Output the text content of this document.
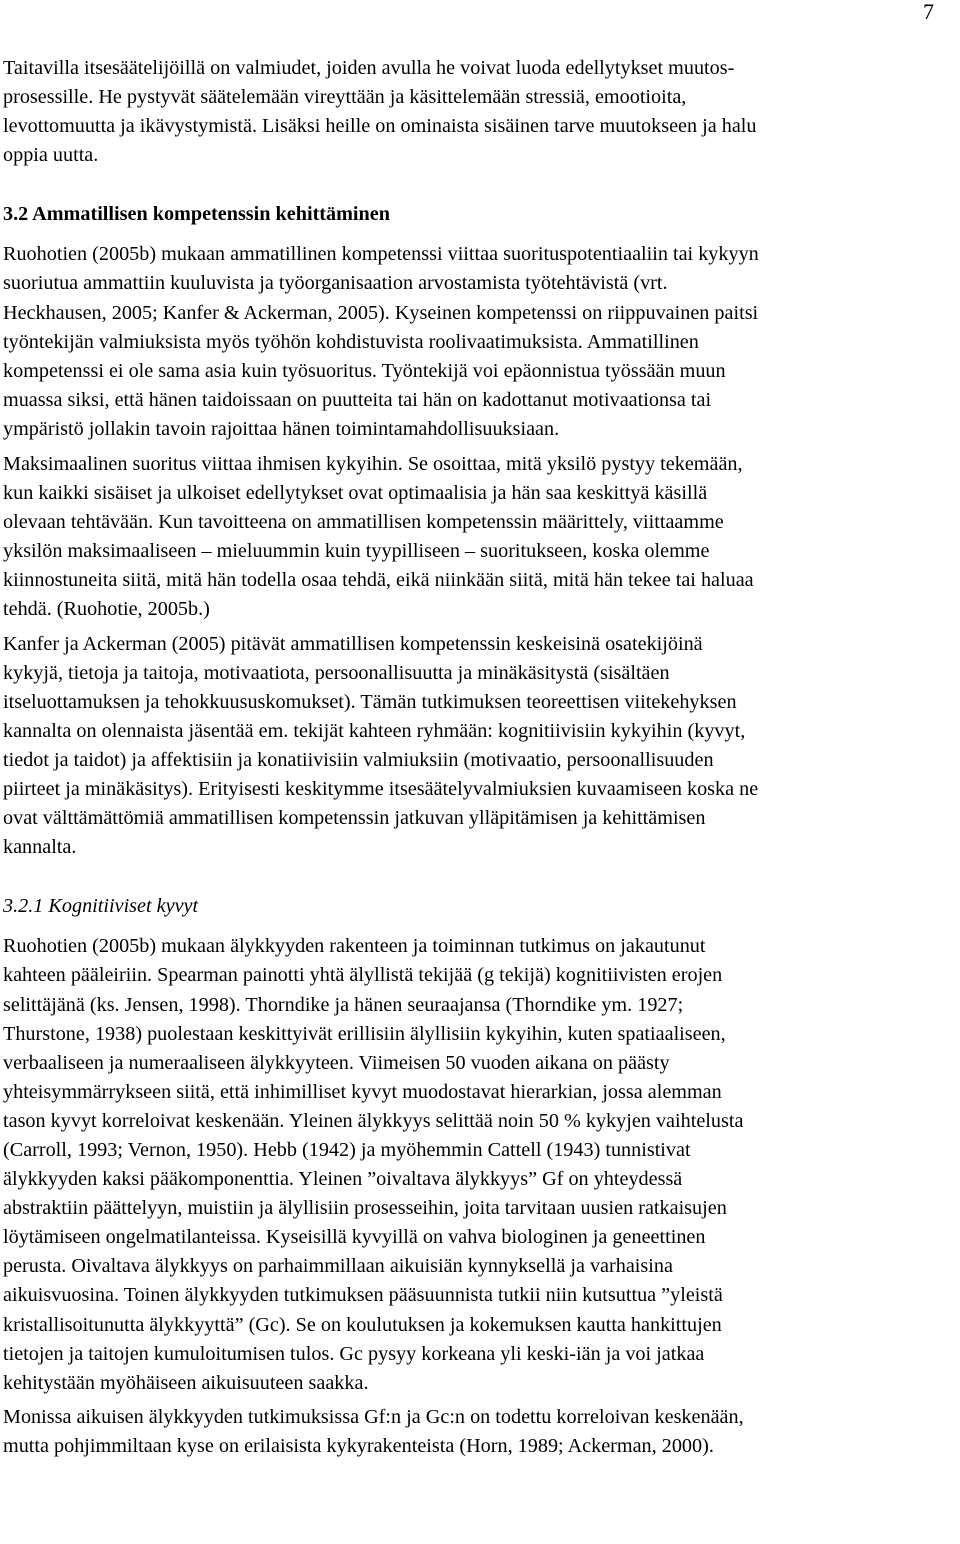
7
Taitavilla itsesäätelijöillä on valmiudet, joiden avulla he voivat luoda edellytykset muutos-
prosessille. He pystyvät säätelemään vireyttään ja käsittelemään stressiä, emootioita,
levottomuutta ja ikävystymistä. Lisäksi heille on ominaista sisäinen tarve muutokseen ja halu
oppia uutta.
3.2 Ammatillisen kompetenssin kehittäminen
Ruohotien (2005b) mukaan ammatillinen kompetenssi viittaa suorituspotentiaaliin tai kykyyn
suoriutua ammattiin kuuluvista ja työorganisaation arvostamista työtehtävistä (vrt.
Heckhausen, 2005; Kanfer & Ackerman, 2005). Kyseinen kompetenssi on riippuvainen paitsi
työntekijän valmiuksista myös työhön kohdistuvista roolivaatimuksista. Ammatillinen
kompetenssi ei ole sama asia kuin työsuoritus. Työntekijä voi epäonnistua työssään muun
muassa siksi, että hänen taidoissaan on puutteita tai hän on kadottanut motivaationsa tai
ympäristö jollakin tavoin rajoittaa hänen toimintamahdollisuuksiaan.
Maksimaalinen suoritus viittaa ihmisen kykyihin. Se osoittaa, mitä yksilö pystyy tekemään,
kun kaikki sisäiset ja ulkoiset edellytykset ovat optimaalisia ja hän saa keskittyä käsillä
olevaan tehtävään. Kun tavoitteena on ammatillisen kompetenssin määrittely, viittaamme
yksilön maksimaaliseen – mieluummin kuin tyypilliseen – suoritukseen, koska olemme
kiinnostuneita siitä, mitä hän todella osaa tehdä, eikä niinkään siitä, mitä hän tekee tai haluaa
tehdä. (Ruohotie, 2005b.)
Kanfer ja Ackerman (2005) pitävät ammatillisen kompetenssin keskeisinä osatekijöinä
kykyjä, tietoja ja taitoja, motivaatiota, persoonallisuutta ja minäkäsitystä (sisältäen
itseluottamuksen ja tehokkuususkomukset). Tämän tutkimuksen teoreettisen viitekehyksen
kannalta on olennaista jäsentää em. tekijät kahteen ryhmään: kognitiivisiin kykyihin (kyvyt,
tiedot ja taidot) ja affektisiin ja konatiivisiin valmiuksiin (motivaatio, persoonallisuuden
piirteet ja minäkäsitys). Erityisesti keskitymme itsesäätelyvalmiuksien kuvaamiseen koska ne
ovat välttämättömiä ammatillisen kompetenssin jatkuvan ylläpitämisen ja kehittämisen
kannalta.
3.2.1 Kognitiiviset kyvyt
Ruohotien (2005b) mukaan älykkyyden rakenteen ja toiminnan tutkimus on jakautunut
kahteen pääleiriin. Spearman painotti yhtä älyllistä tekijää (g tekijä) kognitiivisten erojen
selittäjänä (ks. Jensen, 1998). Thorndike ja hänen seuraajansa (Thorndike ym. 1927;
Thurstone, 1938) puolestaan keskittyivät erillisiin älyllisiin kykyihin, kuten spatiaaliseen,
verbaaliseen ja numeraaliseen älykkyyteen. Viimeisen 50 vuoden aikana on päästy
yhteisymmärrykseen siitä, että inhimilliset kyvyt muodostavat hierarkian, jossa alemman
tason kyvyt korreloivat keskenään. Yleinen älykkyys selittää noin 50 % kykyjen vaihtelusta
(Carroll, 1993; Vernon, 1950). Hebb (1942) ja myöhemmin Cattell (1943) tunnistivat
älykkyyden kaksi pääkomponenttia. Yleinen ”oivaltava älykkyys” Gf on yhteydessä
abstraktiin päättelyyn, muistiin ja älyllisiin prosesseihin, joita tarvitaan uusien ratkaisujen
löytämiseen ongelmatilanteissa. Kyseisillä kyvyillä on vahva biologinen ja geneettinen
perusta. Oivaltava älykkyys on parhaimmillaan aikuisiän kynnyksellä ja varhaisina
aikuisvuosina. Toinen älykkyyden tutkimuksen pääsuunnista tutkii niin kutsuttua ”yleistä
kristallisoitunutta älykkyyttä” (Gc). Se on koulutuksen ja kokemuksen kautta hankittujen
tietojen ja taitojen kumuloitumisen tulos. Gc pysyy korkeana yli keski-iän ja voi jatkaa
kehitystään myöhäiseen aikuisuuteen saakka.
Monissa aikuisen älykkyyden tutkimuksissa Gf:n ja Gc:n on todettu korreloivan keskenään,
mutta pohjimmiltaan kyse on erilaisista kykyrakenteista (Horn, 1989; Ackerman, 2000).
